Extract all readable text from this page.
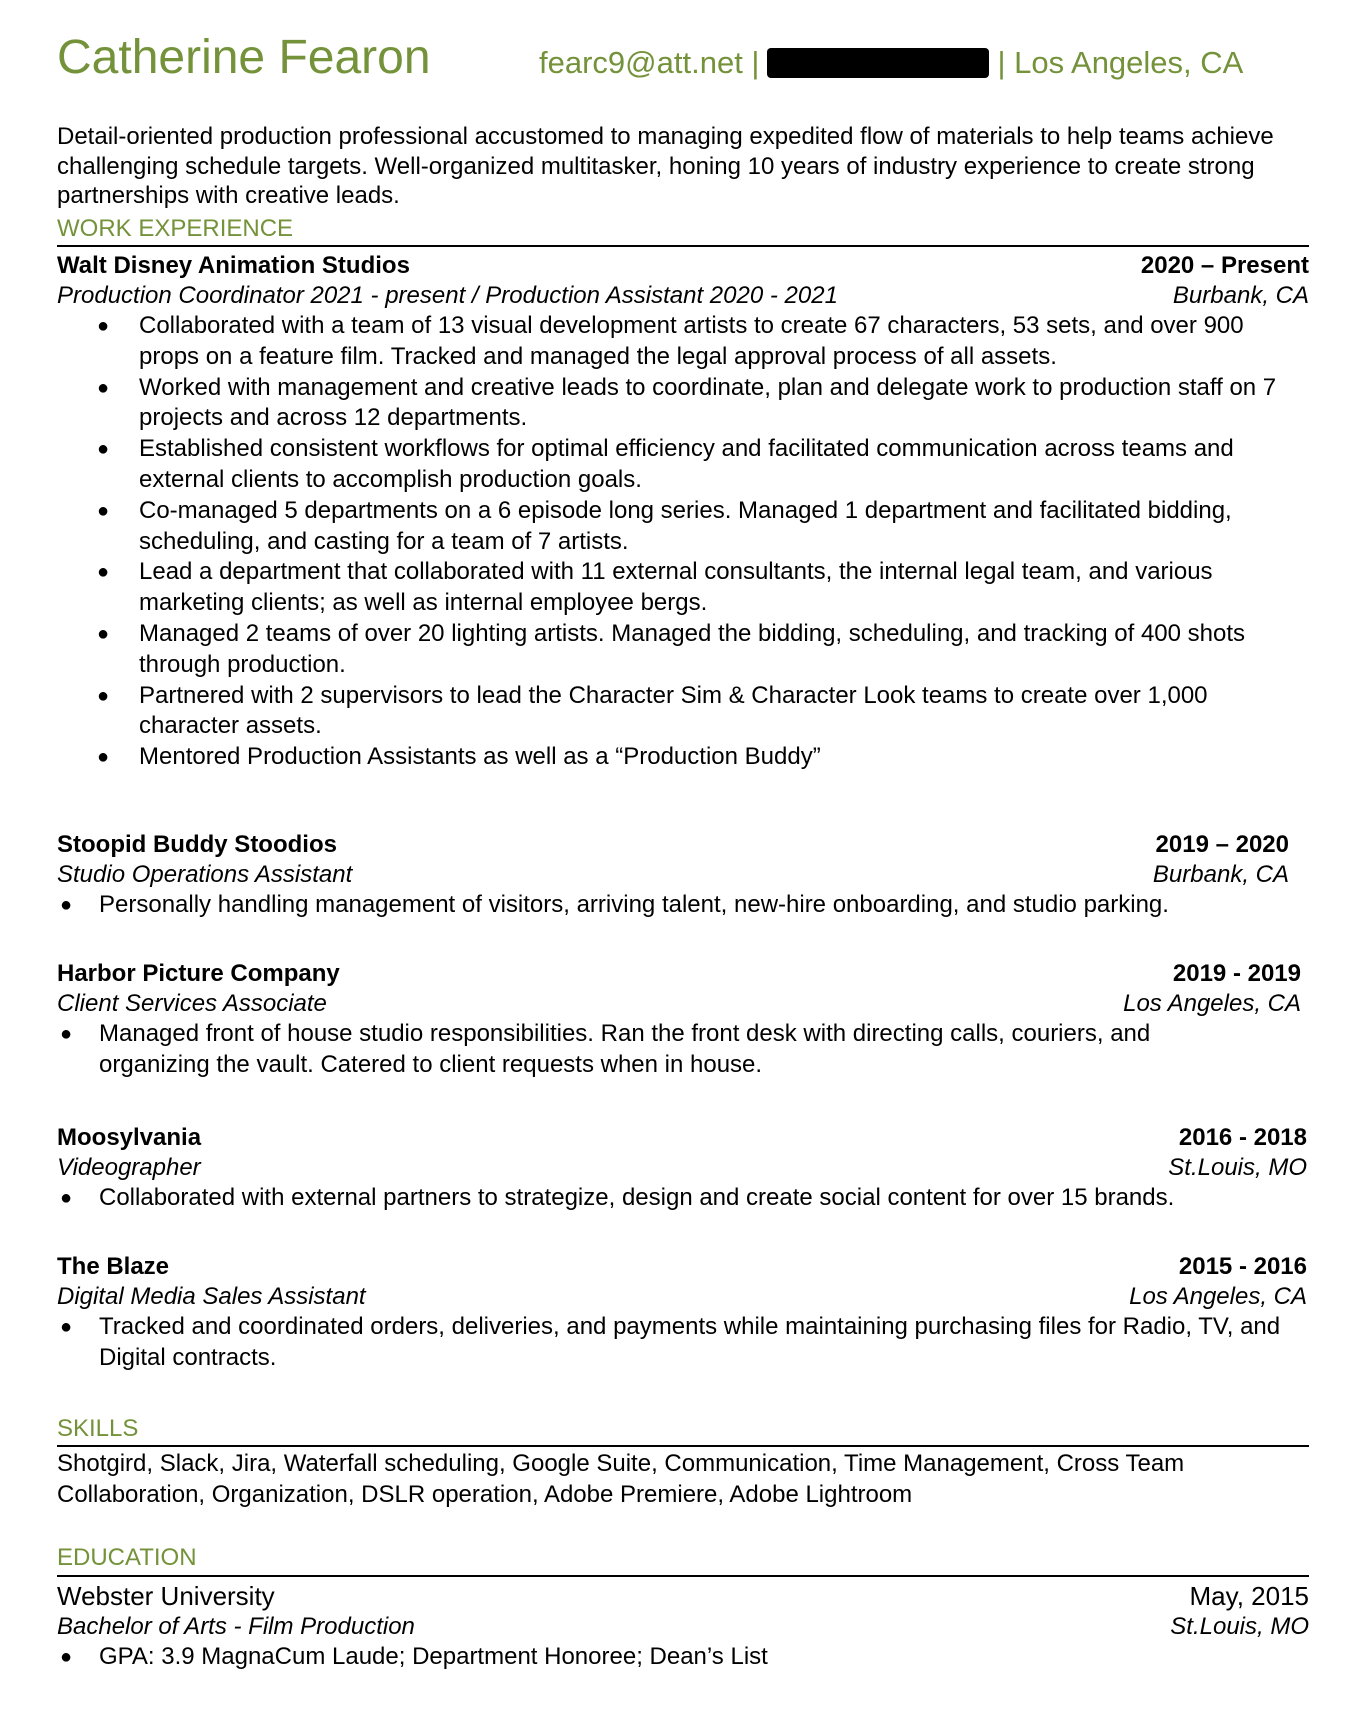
Catherine Fearon	fearc9@att.net |	| Los Angeles, CA
Detail-oriented production professional accustomed to managing expedited flow of materials to help teams achieve challenging schedule targets. Well-organized multitasker, honing 10 years of industry experience to create strong partnerships with creative leads.
WORK EXPERIENCE
Walt Disney Animation Studios	2020 – Present
Production Coordinator 2021 - present / Production Assistant 2020 - 2021	Burbank, CA
● Collaborated with a team of 13 visual development artists to create 67 characters, 53 sets, and over 900 props on a feature film. Tracked and managed the legal approval process of all assets.
● Worked with management and creative leads to coordinate, plan and delegate work to production staff on 7 projects and across 12 departments.
● Established consistent workflows for optimal efficiency and facilitated communication across teams and external clients to accomplish production goals.
● Co-managed 5 departments on a 6 episode long series. Managed 1 department and facilitated bidding, scheduling, and casting for a team of 7 artists.
● Lead a department that collaborated with 11 external consultants, the internal legal team, and various marketing clients; as well as internal employee bergs.
● Managed 2 teams of over 20 lighting artists. Managed the bidding, scheduling, and tracking of 400 shots through production.
● Partnered with 2 supervisors to lead the Character Sim & Character Look teams to create over 1,000 character assets.
● Mentored Production Assistants as well as a “Production Buddy”
Stoopid Buddy Stoodios	2019 – 2020
Studio Operations Assistant	Burbank, CA
● Personally handling management of visitors, arriving talent, new-hire onboarding, and studio parking.
Harbor Picture Company	2019 - 2019
Client Services Associate	Los Angeles, CA
● Managed front of house studio responsibilities. Ran the front desk with directing calls, couriers, and organizing the vault. Catered to client requests when in house.
Moosylvania	2016 - 2018
Videographer	St.Louis, MO
● Collaborated with external partners to strategize, design and create social content for over 15 brands.
The Blaze	2015 - 2016
Digital Media Sales Assistant	Los Angeles, CA
● Tracked and coordinated orders, deliveries, and payments while maintaining purchasing files for Radio, TV, and Digital contracts.
SKILLS
Shotgird, Slack, Jira, Waterfall scheduling, Google Suite, Communication, Time Management, Cross Team Collaboration, Organization, DSLR operation, Adobe Premiere, Adobe Lightroom
EDUCATION
Webster University	May, 2015
Bachelor of Arts - Film Production	St.Louis, MO
● GPA: 3.9 MagnaCum Laude; Department Honoree; Dean’s List
